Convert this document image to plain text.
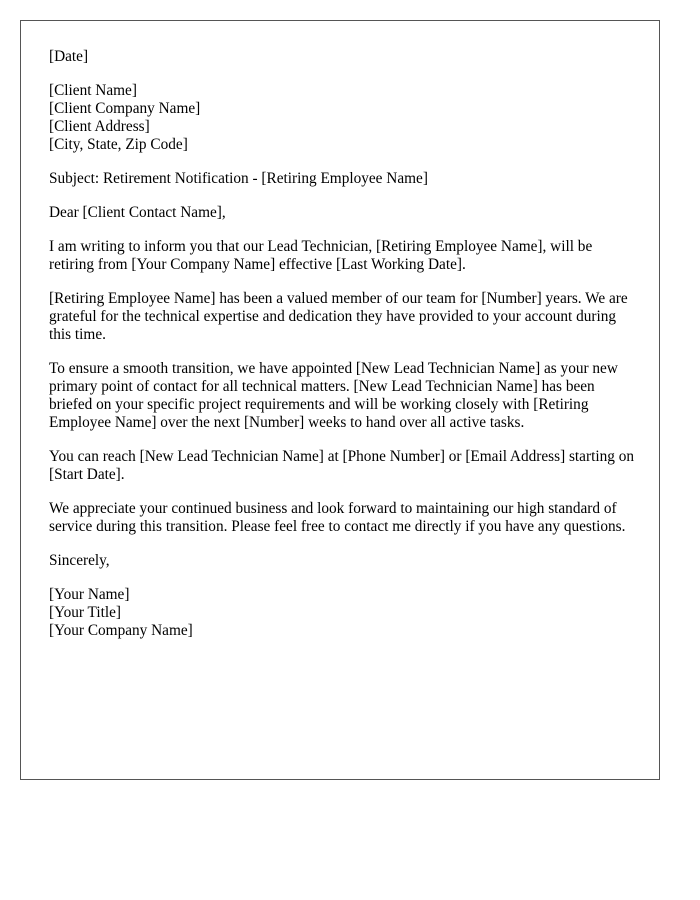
[Date]
[Client Name]
[Client Company Name]
[Client Address]
[City, State, Zip Code]

Subject: Retirement Notification - [Retiring Employee Name]

Dear [Client Contact Name],

I am writing to inform you that our Lead Technician, [Retiring Employee Name], will be retiring from [Your Company Name] effective [Last Working Date].

[Retiring Employee Name] has been a valued member of our team for [Number] years. We are grateful for the technical expertise and dedication they have provided to your account during this time.

To ensure a smooth transition, we have appointed [New Lead Technician Name] as your new primary point of contact for all technical matters. [New Lead Technician Name] has been briefed on your specific project requirements and will be working closely with [Retiring Employee Name] over the next [Number] weeks to hand over all active tasks.

You can reach [New Lead Technician Name] at [Phone Number] or [Email Address] starting on [Start Date].

We appreciate your continued business and look forward to maintaining our high standard of service during this transition. Please feel free to contact me directly if you have any questions.

Sincerely,

[Your Name]
[Your Title]
[Your Company Name]
